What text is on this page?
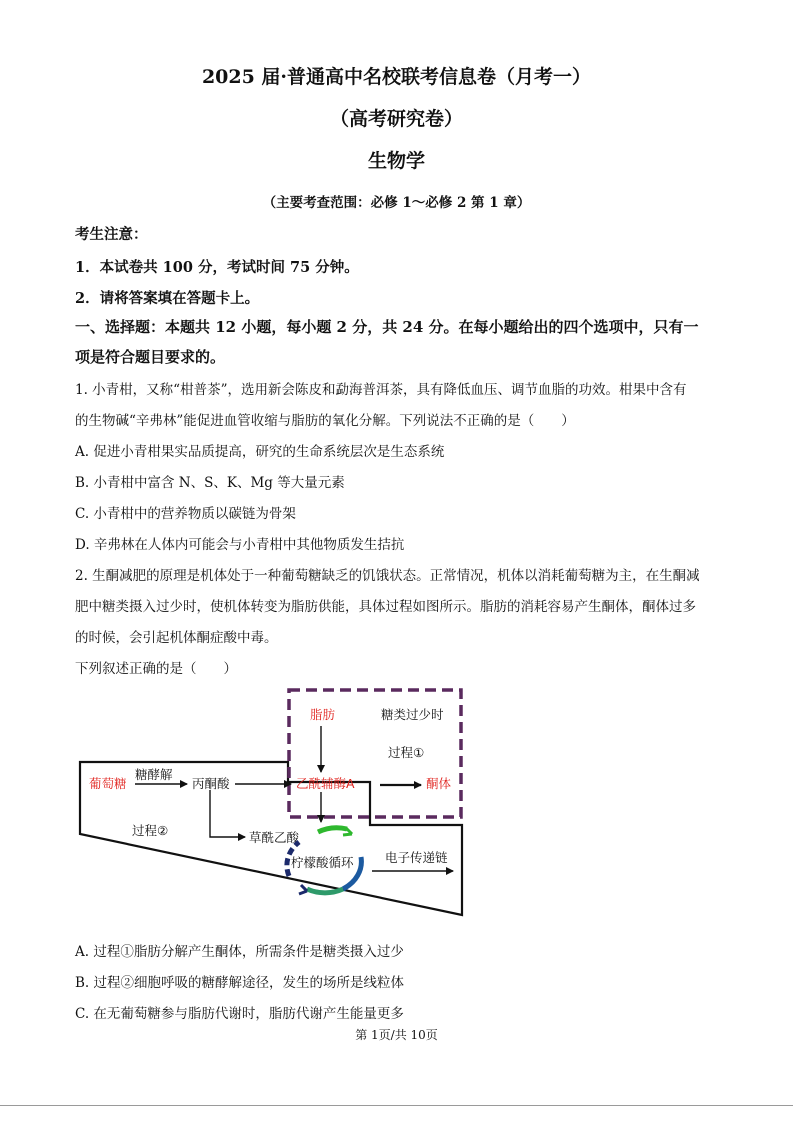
2025 届·普通高中名校联考信息卷（月考一）
（高考研究卷）
生物学
（主要考查范围：必修 1～必修 2 第 1 章）
考生注意：
1．本试卷共 100 分，考试时间 75 分钟。
2．请将答案填在答题卡上。
一、选择题：本题共 12 小题，每小题 2 分，共 24 分。在每小题给出的四个选项中，只有一
项是符合题目要求的。
1. 小青柑，又称“柑普茶”，选用新会陈皮和勐海普洱茶，具有降低血压、调节血脂的功效。柑果中含有
的生物碱“辛弗林”能促进血管收缩与脂肪的氧化分解。下列说法不正确的是（　　）
A. 促进小青柑果实品质提高，研究的生命系统层次是生态系统
B. 小青柑中富含 N、S、K、Mg 等大量元素
C. 小青柑中的营养物质以碳链为骨架
D. 辛弗林在人体内可能会与小青柑中其他物质发生拮抗
2. 生酮减肥的原理是机体处于一种葡萄糖缺乏的饥饿状态。正常情况，机体以消耗葡萄糖为主，在生酮减
肥中糖类摄入过少时，使机体转变为脂肪供能，具体过程如图所示。脂肪的消耗容易产生酮体，酮体过多
的时候，会引起机体酮症酸中毒。
下列叙述正确的是（　　）
脂肪	糖类过少时
过程①
葡萄糖
糖酵解
丙酮酸	乙酰辅酶A	酮体
过程②	草酰乙酸
柠檬酸循环	电子传递链
A. 过程①脂肪分解产生酮体，所需条件是糖类摄入过少
B. 过程②细胞呼吸的糖酵解途径，发生的场所是线粒体
C. 在无葡萄糖参与脂肪代谢时，脂肪代谢产生能量更多
第 1页/共 10页
